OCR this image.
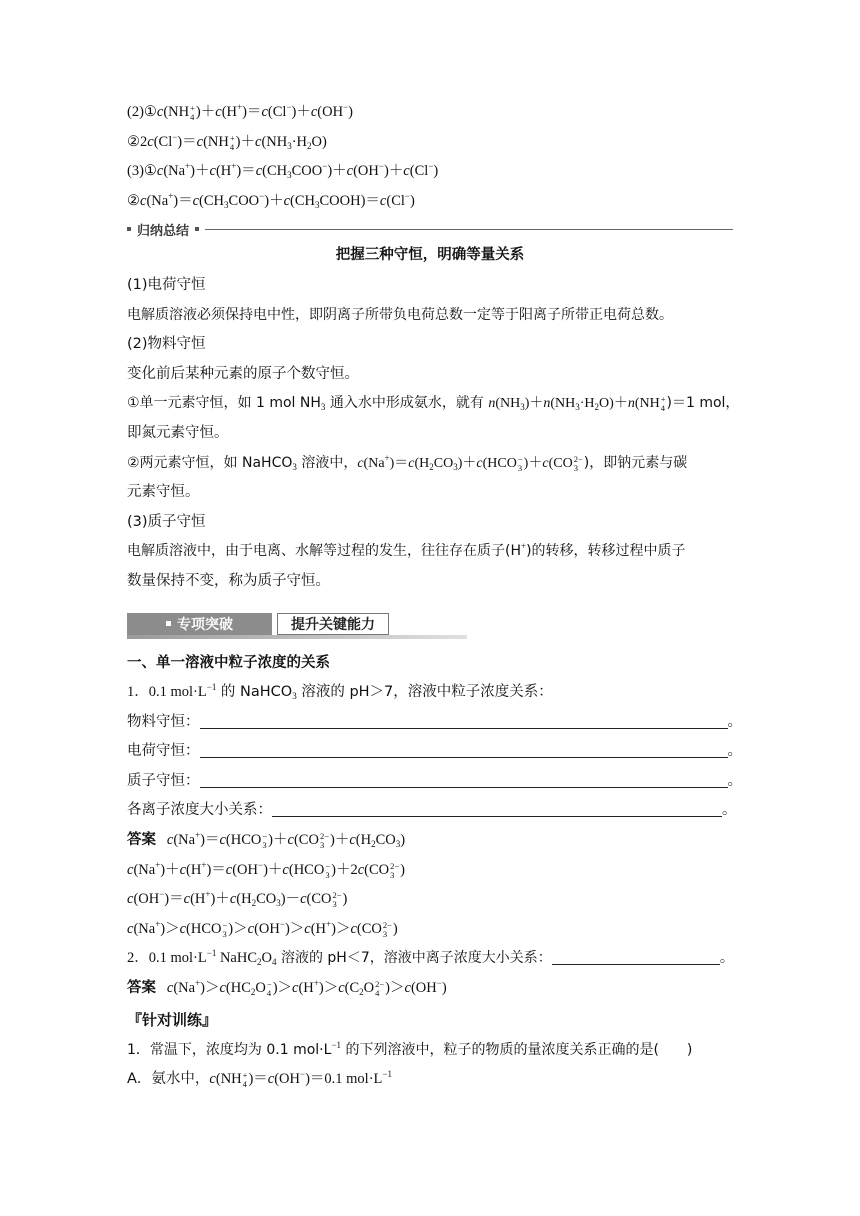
(2)①c(NH +
4 )＋c(H+)＝c(Cl−)＋c(OH−)
②2c(Cl−)＝c(NH +
4 )$+c(NH_3\cdot H_2O)$
$(3)①c(Na^+)+c(H^+)=c(CH_3COO^-)+c(OH^-)+c(Cl^-)$
$②c(Na^+)=c(CH_3COO^-)+c(CH_3COOH)=c(Cl^-)$
归纳总结
把握三种守恒，明确等量关系
(1)电荷守恒
电解质溶液必须保持电中性，即阴离子所带负电荷总数一定等于阳离子所带正电荷总数。
(2)物料守恒
变化前后某种元素的原子个数守恒。
①单一元素守恒，如 1 mol $NH_3$ 通入水中形成氨水，就有 $n(NH_3)+n(NH_3\cdot H_2O)+n(NH$ +
4 )＝1 mol，
即氮元素守恒。
②两元素守恒，如 NaHCO$_3$ 溶液中，$c(Na^+)=c(H_2CO_3)+c(HCO$ −
3 )＋c(CO 2−
3 )，即钠元素与碳
元素守恒。
(3)质子守恒
电解质溶液中，由于电离、水解等过程的发生，往往存在质子(H+)的转移，转移过程中质子
数量保持不变，称为质子守恒。
专项突破	提升关键能力
一、单一溶液中粒子浓度的关系
1．0.1 $mol\cdot L^{-1}$ 的 NaHCO$_3$ 溶液的 pH＞7，溶液中粒子浓度关系：
物料守恒：	。
电荷守恒：	。
质子守恒：	。
各离子浓度大小关系：	。
答案 c(Na+)＝c(HCO −
3 )＋c(CO 2−
3 )$+c(H_2CO_3)$
c(Na+)＋c(H+)＝c(OH−)＋c(HCO −
3 )＋2c(CO 2−
3 )
$c(OH^-)=c(H^+)+c(H_2CO_3)-c(CO$ 2−
3 )
c(Na+)＞c(HCO −
3 )＞c(OH−)＞c(H+)＞c(CO 2−
3 )
2．0.1 $mol\cdot L^{-1}$ $NaHC_2O_4$ 溶液的 pH＜7，溶液中离子浓度大小关系：	。
答案 $c(Na^+)>c(HC_2O$ −
4 )$>c(H^+)>c(C_2O$ 2−
4 )＞c(OH−)
『针对训练』
1．常温下，浓度均为 0.1 $mol\cdot L^{-1}$ 的下列溶液中，粒子的物质的量浓度关系正确的是(　　)
A．氨水中，c(NH +
4 )＝c(OH−)＝0.1 $mol\cdot L^{-1}$
